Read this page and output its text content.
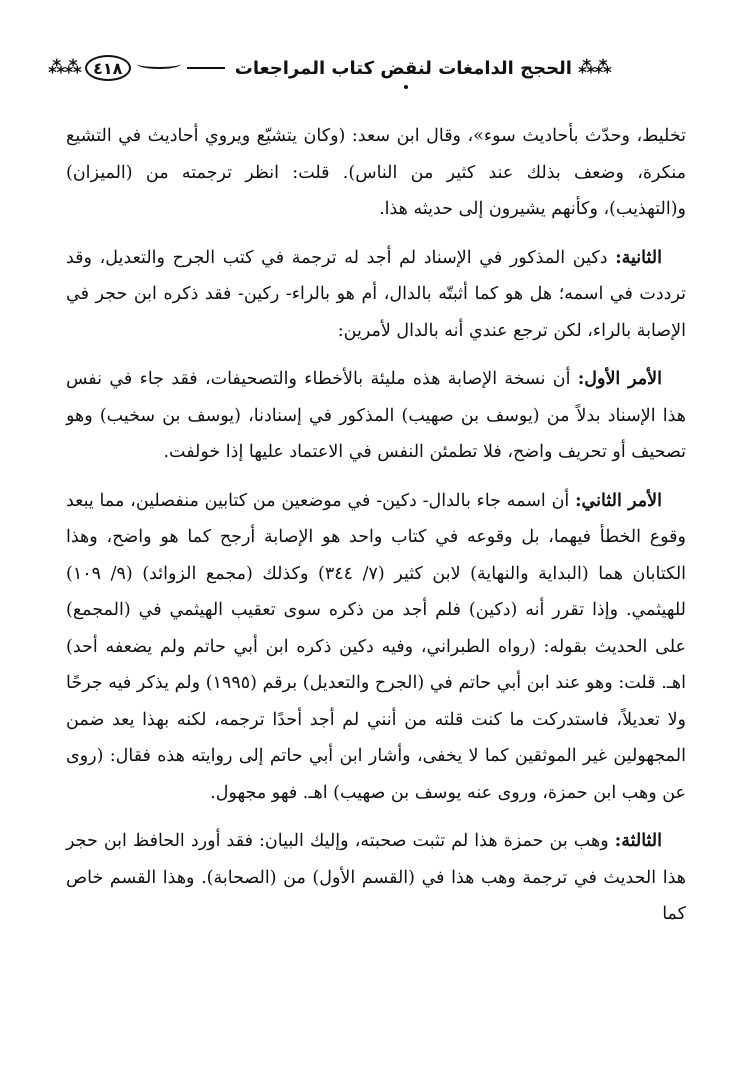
⁂⁂ ٤١٨	الحجج الدامغات لنقض كتاب المراجعات ⁂⁂

تخليط، وحدّث بأحاديث سوء»، وقال ابن سعد: (وكان يتشيّع ويروي أحاديث في التشيع منكرة، وضعف بذلك عند كثير من الناس). قلت: انظر ترجمته من (الميزان) و(التهذيب)، وكأنهم يشيرون إلى حديثه هذا.

الثانية: دكين المذكور في الإسناد لم أجد له ترجمة في كتب الجرح والتعديل، وقد ترددت في اسمه؛ هل هو كما أثبتّه بالدال، أم هو بالراء- ركين- فقد ذكره ابن حجر في الإصابة بالراء، لكن ترجع عندي أنه بالدال لأمرين:

الأمر الأول: أن نسخة الإصابة هذه مليئة بالأخطاء والتصحيفات، فقد جاء في نفس هذا الإسناد بدلاً من (يوسف بن صهيب) المذكور في إسنادنا، (يوسف بن سخيب) وهو تصحيف أو تحريف واضح، فلا تطمئن النفس في الاعتماد عليها إذا خولفت.

الأمر الثاني: أن اسمه جاء بالدال- دكين- في موضعين من كتابين منفصلين، مما يبعد وقوع الخطأ فيهما، بل وقوعه في كتاب واحد هو الإصابة أرجح كما هو واضح، وهذا الكتابان هما (البداية والنهاية) لابن كثير (٧/ ٣٤٤) وكذلك (مجمع الزوائد) (٩/ ١٠٩) للهيثمي. وإذا تقرر أنه (دكين) فلم أجد من ذكره سوى تعقيب الهيثمي في (المجمع) على الحديث بقوله: (رواه الطبراني، وفيه دكين ذكره ابن أبي حاتم ولم يضعفه أحد) اهـ. قلت: وهو عند ابن أبي حاتم في (الجرح والتعديل) برقم (١٩٩٥) ولم يذكر فيه جرحًا ولا تعديلاً، فاستدركت ما كنت قلته من أنني لم أجد أحدًا ترجمه، لكنه بهذا يعد ضمن المجهولين غير الموثقين كما لا يخفى، وأشار ابن أبي حاتم إلى روايته هذه فقال: (روى عن وهب ابن حمزة، وروى عنه يوسف بن صهيب) اهـ. فهو مجهول.

الثالثة: وهب بن حمزة هذا لم تثبت صحبته، وإليك البيان: فقد أورد الحافظ ابن حجر هذا الحديث في ترجمة وهب هذا في (القسم الأول) من (الصحابة). وهذا القسم خاص كما
